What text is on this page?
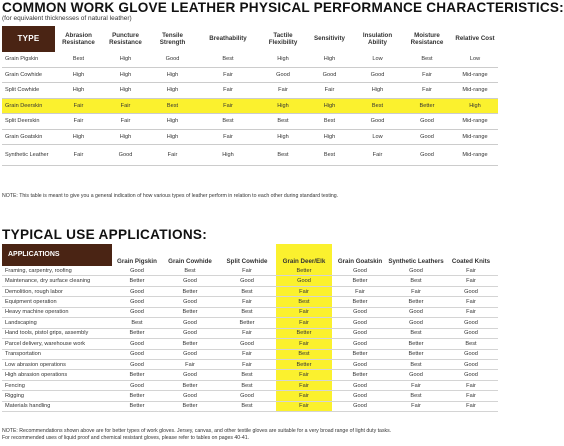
COMMON WORK GLOVE LEATHER PHYSICAL PERFORMANCE CHARACTERISTICS:
(for equivalent thicknesses of natural leather)
TYPE	Abrasion Resistance	Puncture Resistance	Tensile Strength	Breathability	Tactile Flexibility	Sensitivity	Insulation Ability	Moisture Resistance	Relative Cost
Grain Pigskin	Best	High	Good	Best	High	High	Low	Best	Low
Grain Cowhide	High	High	High	Fair	Good	Good	Good	Fair	Mid-range
Split Cowhide	High	High	High	Fair	Fair	Fair	High	Fair	Mid-range
Grain Deerskin	Fair	Fair	Best	Fair	High	High	Best	Better	High
Split Deerskin	Fair	Fair	High	Best	Best	Best	Good	Good	Mid-range
Grain Goatskin	High	High	High	Fair	High	High	Low	Good	Mid-range
Synthetic Leather	Fair	Good	Fair	High	Best	Best	Fair	Good	Mid-range
NOTE: This table is meant to give you a general indication of how various types of leather perform in relation to each other during standard testing.
TYPICAL USE APPLICATIONS:
APPLICATIONS	Grain Pigskin	Grain Cowhide	Split Cowhide	Grain Deer/Elk	Grain Goatskin	Synthetic Leathers	Coated Knits
Framing, carpentry, roofing	Good	Best	Fair	Better	Good	Good	Fair
Maintenance, dry surface cleaning	Better	Good	Good	Good	Better	Best	Fair
Demolition, rough labor	Good	Better	Best	Fair	Fair	Fair	Good
Equipment operation	Good	Good	Fair	Best	Better	Better	Fair
Heavy machine operation	Good	Better	Best	Fair	Good	Good	Fair
Landscaping	Best	Good	Better	Fair	Good	Good	Good
Hand tools, pistol grips, assembly	Better	Good	Fair	Better	Good	Best	Good
Parcel delivery, warehouse work	Good	Better	Good	Fair	Good	Better	Best
Transportation	Good	Good	Fair	Best	Better	Better	Good
Low abrasion operations	Good	Fair	Fair	Better	Good	Best	Good
High abrasion operations	Better	Good	Best	Fair	Better	Good	Good
Fencing	Good	Better	Best	Fair	Good	Fair	Fair
Rigging	Better	Good	Good	Fair	Good	Best	Fair
Materials handling	Better	Better	Best	Fair	Good	Fair	Fair
NOTE: Recommendations shown above are for better types of work gloves. Jersey, canvas, and other textile gloves are suitable for a very broad range of light duty tasks.
For recommended uses of liquid proof and chemical resistant gloves, please refer to tables on pages 40-41.
